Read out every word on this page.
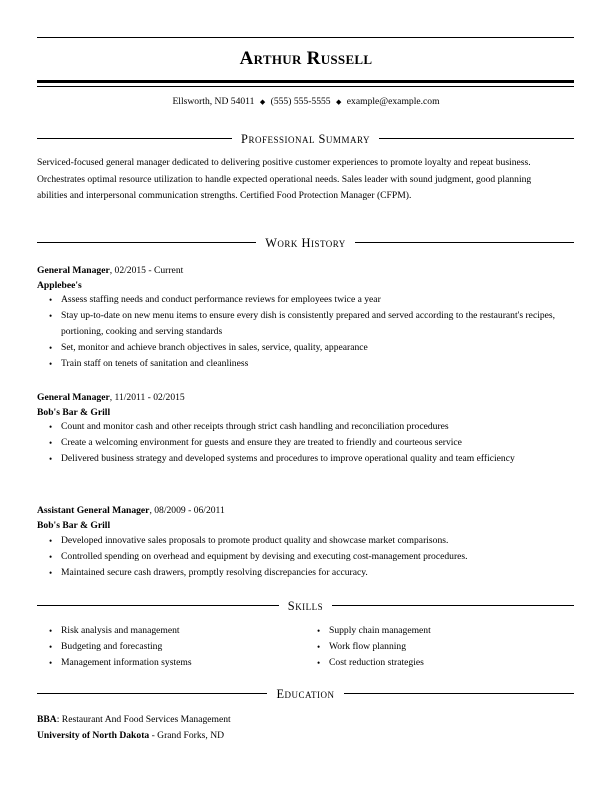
Arthur Russell
Ellsworth, ND 54011 ◆ (555) 555-5555 ◆ example@example.com
Professional Summary
Serviced-focused general manager dedicated to delivering positive customer experiences to promote loyalty and repeat business. Orchestrates optimal resource utilization to handle expected operational needs. Sales leader with sound judgment, good planning abilities and interpersonal communication strengths. Certified Food Protection Manager (CFPM).
Work History
General Manager, 02/2015 - Current
Applebee's
• Assess staffing needs and conduct performance reviews for employees twice a year
• Stay up-to-date on new menu items to ensure every dish is consistently prepared and served according to the restaurant's recipes, portioning, cooking and serving standards
• Set, monitor and achieve branch objectives in sales, service, quality, appearance
• Train staff on tenets of sanitation and cleanliness
General Manager, 11/2011 - 02/2015
Bob's Bar & Grill
• Count and monitor cash and other receipts through strict cash handling and reconciliation procedures
• Create a welcoming environment for guests and ensure they are treated to friendly and courteous service
• Delivered business strategy and developed systems and procedures to improve operational quality and team efficiency
Assistant General Manager, 08/2009 - 06/2011
Bob's Bar & Grill
• Developed innovative sales proposals to promote product quality and showcase market comparisons.
• Controlled spending on overhead and equipment by devising and executing cost-management procedures.
• Maintained secure cash drawers, promptly resolving discrepancies for accuracy.
Skills
• Risk analysis and management
• Budgeting and forecasting
• Management information systems
• Supply chain management
• Work flow planning
• Cost reduction strategies
Education
BBA: Restaurant And Food Services Management
University of North Dakota - Grand Forks, ND
